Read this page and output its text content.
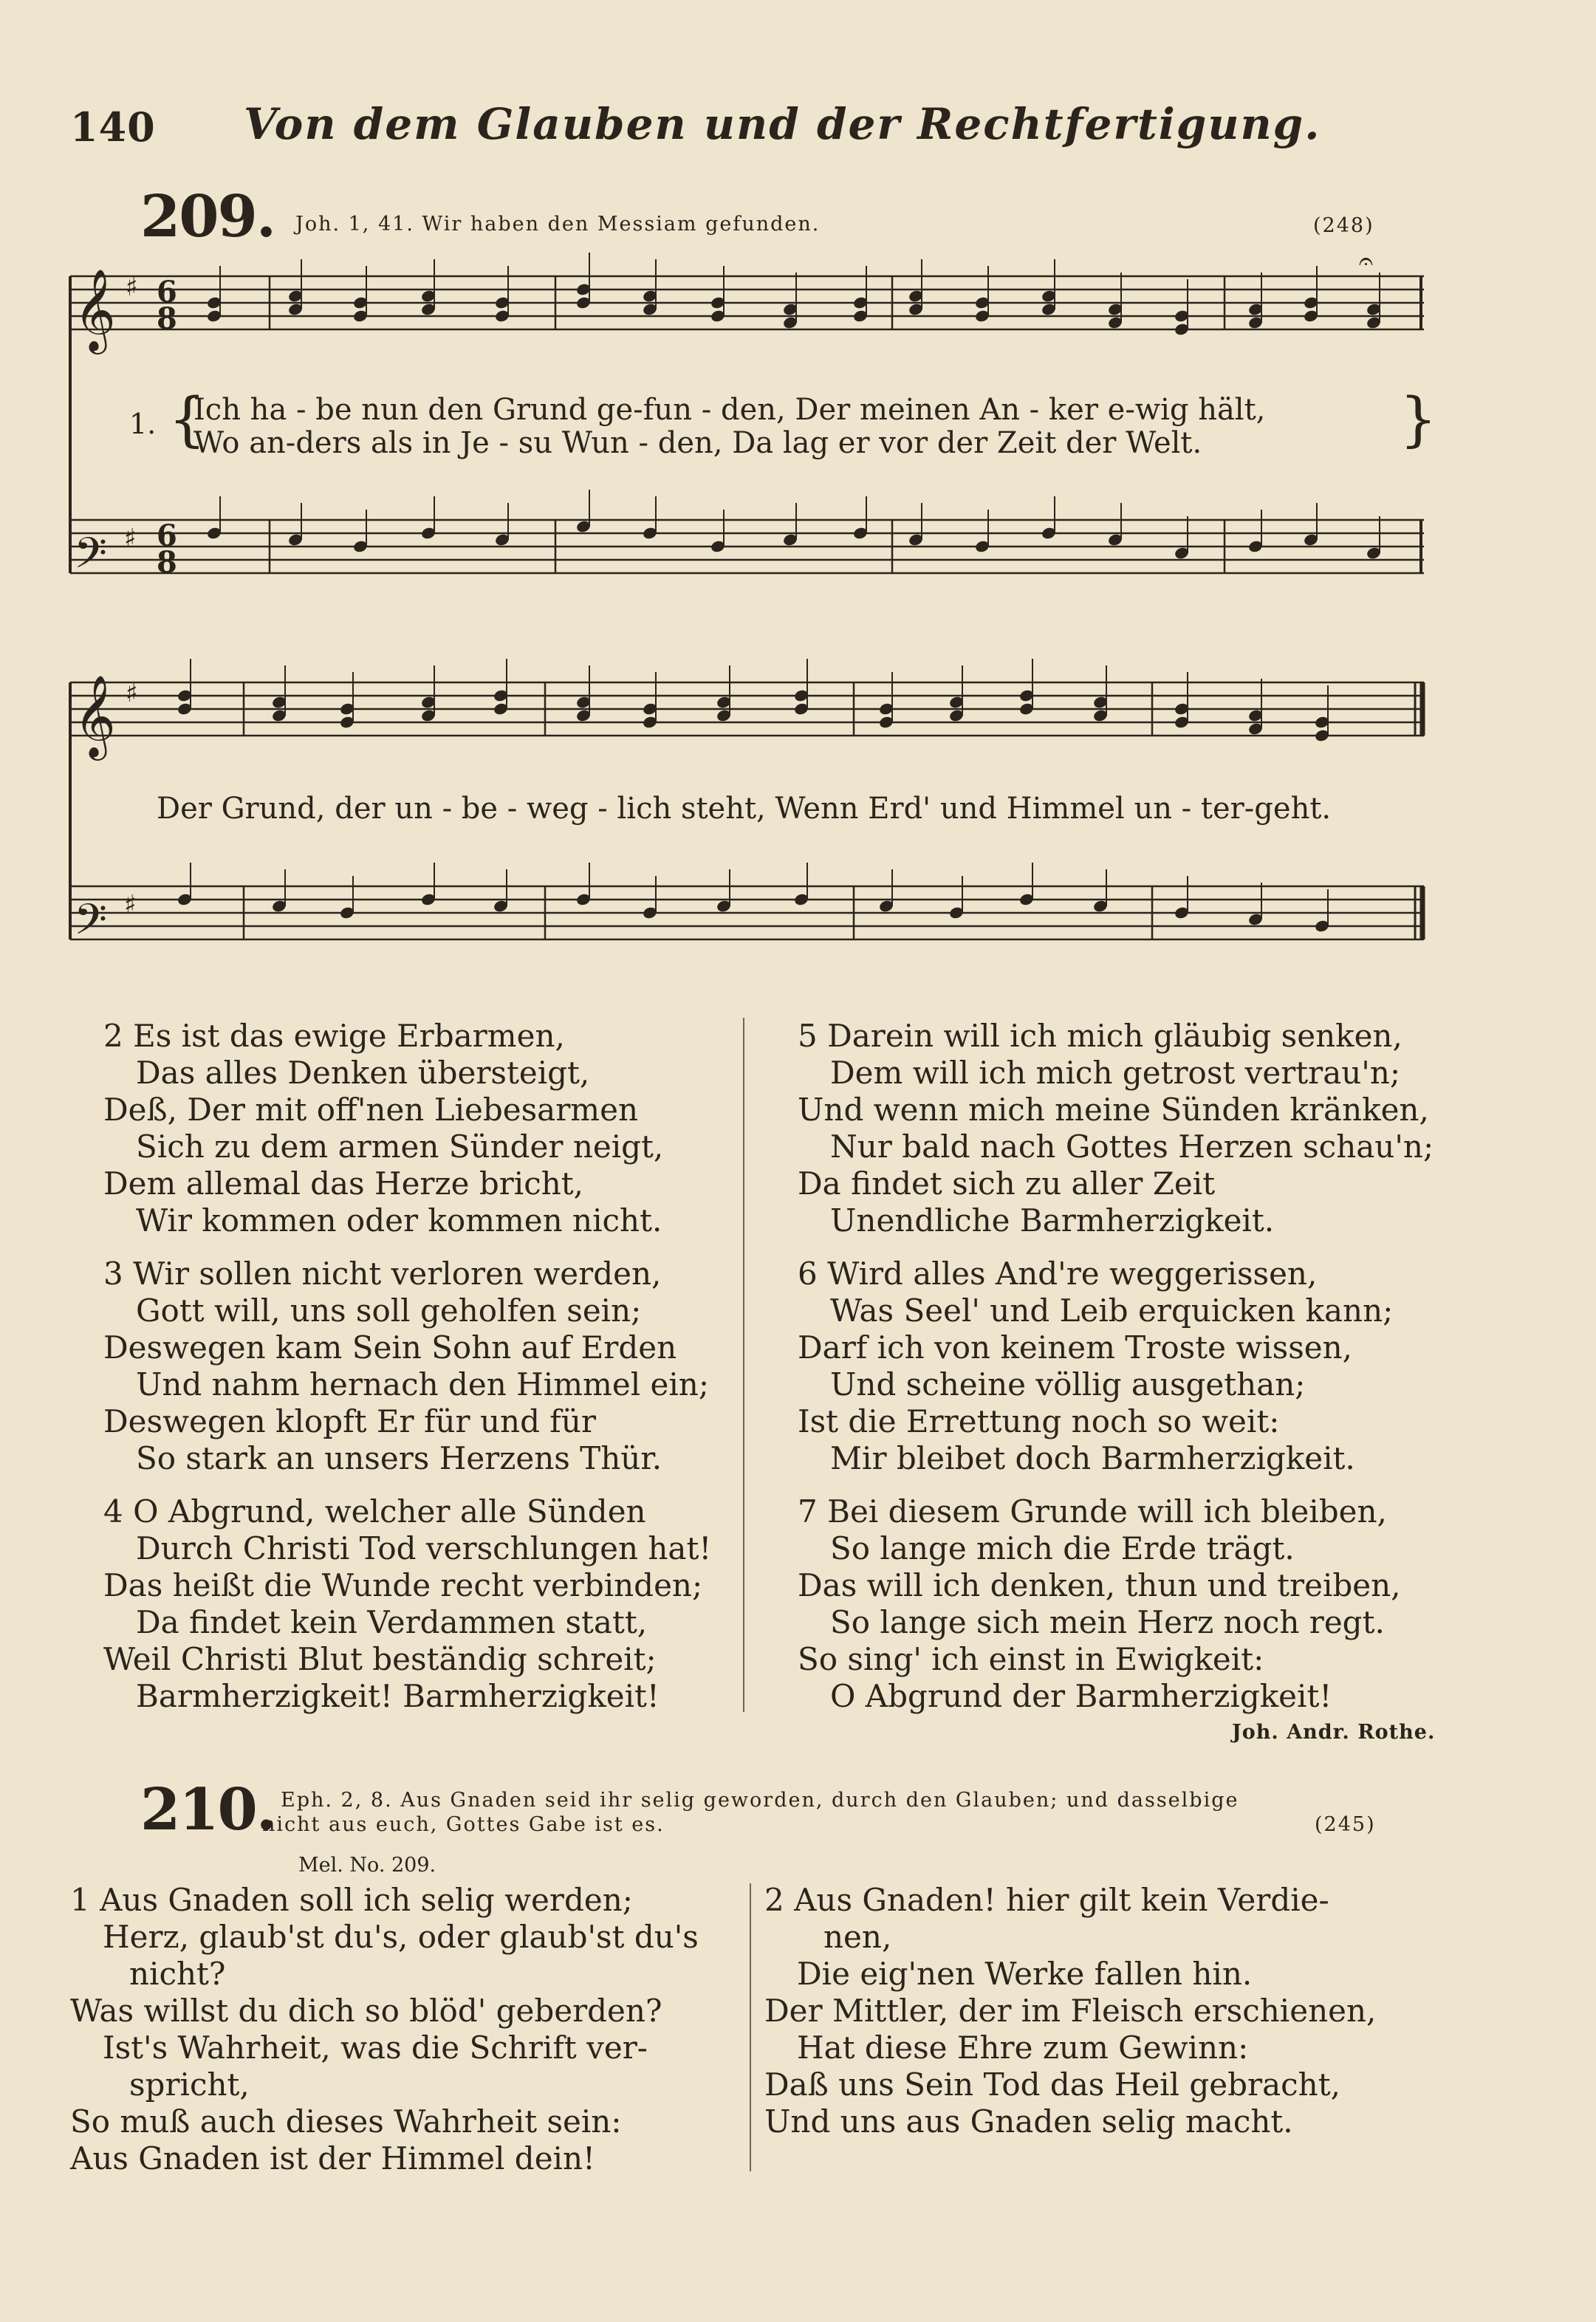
140 Von dem Glauben und der Rechtfertigung.
209. Joh. 1, 41. Wir haben den Messiam gefunden.	(248)
𝄞
𝄢
𝄞
𝄢
♯
♯
♯
♯
𝄐
6
8
6
8
1. {
Ich ha - be nun den Grund ge-fun - den, Der meinen An - ker e-wig hält,
Wo an-ders als in Je - su Wun - den, Da lag er vor der Zeit der Welt.	}
Der Grund, der un - be - weg - lich steht, Wenn Erd' und Himmel un - ter-geht.
2 Es ist das ewige Erbarmen,
Das alles Denken übersteigt,
Deß, Der mit off'nen Liebesarmen
Sich zu dem armen Sünder neigt,
Dem allemal das Herze bricht,
Wir kommen oder kommen nicht.
3 Wir sollen nicht verloren werden,
Gott will, uns soll geholfen sein;
Deswegen kam Sein Sohn auf Erden
Und nahm hernach den Himmel ein;
Deswegen klopft Er für und für
So stark an unsers Herzens Thür.
4 O Abgrund, welcher alle Sünden
Durch Christi Tod verschlungen hat!
Das heißt die Wunde recht verbinden;
Da findet kein Verdammen statt,
Weil Christi Blut beständig schreit;
Barmherzigkeit! Barmherzigkeit!
5 Darein will ich mich gläubig senken,
Dem will ich mich getrost vertrau'n;
Und wenn mich meine Sünden kränken,
Nur bald nach Gottes Herzen schau'n;
Da findet sich zu aller Zeit
Unendliche Barmherzigkeit.
6 Wird alles And're weggerissen,
Was Seel' und Leib erquicken kann;
Darf ich von keinem Troste wissen,
Und scheine völlig ausgethan;
Ist die Errettung noch so weit:
Mir bleibet doch Barmherzigkeit.
7 Bei diesem Grunde will ich bleiben,
So lange mich die Erde trägt.
Das will ich denken, thun und treiben,
So lange sich mein Herz noch regt.
So sing' ich einst in Ewigkeit:
O Abgrund der Barmherzigkeit!
Joh. Andr. Rothe.
210. Eph. 2, 8. Aus Gnaden seid ihr selig geworden, durch den Glauben; und dasselbige
nicht aus euch, Gottes Gabe ist es.	(245)
Mel. No. 209.
1 Aus Gnaden soll ich selig werden;
Herz, glaub'st du's, oder glaub'st du's
nicht?
Was willst du dich so blöd' geberden?
Ist's Wahrheit, was die Schrift ver-
spricht,
So muß auch dieses Wahrheit sein:
Aus Gnaden ist der Himmel dein!
2 Aus Gnaden! hier gilt kein Verdie-
nen,
Die eig'nen Werke fallen hin.
Der Mittler, der im Fleisch erschienen,
Hat diese Ehre zum Gewinn:
Daß uns Sein Tod das Heil gebracht,
Und uns aus Gnaden selig macht.
